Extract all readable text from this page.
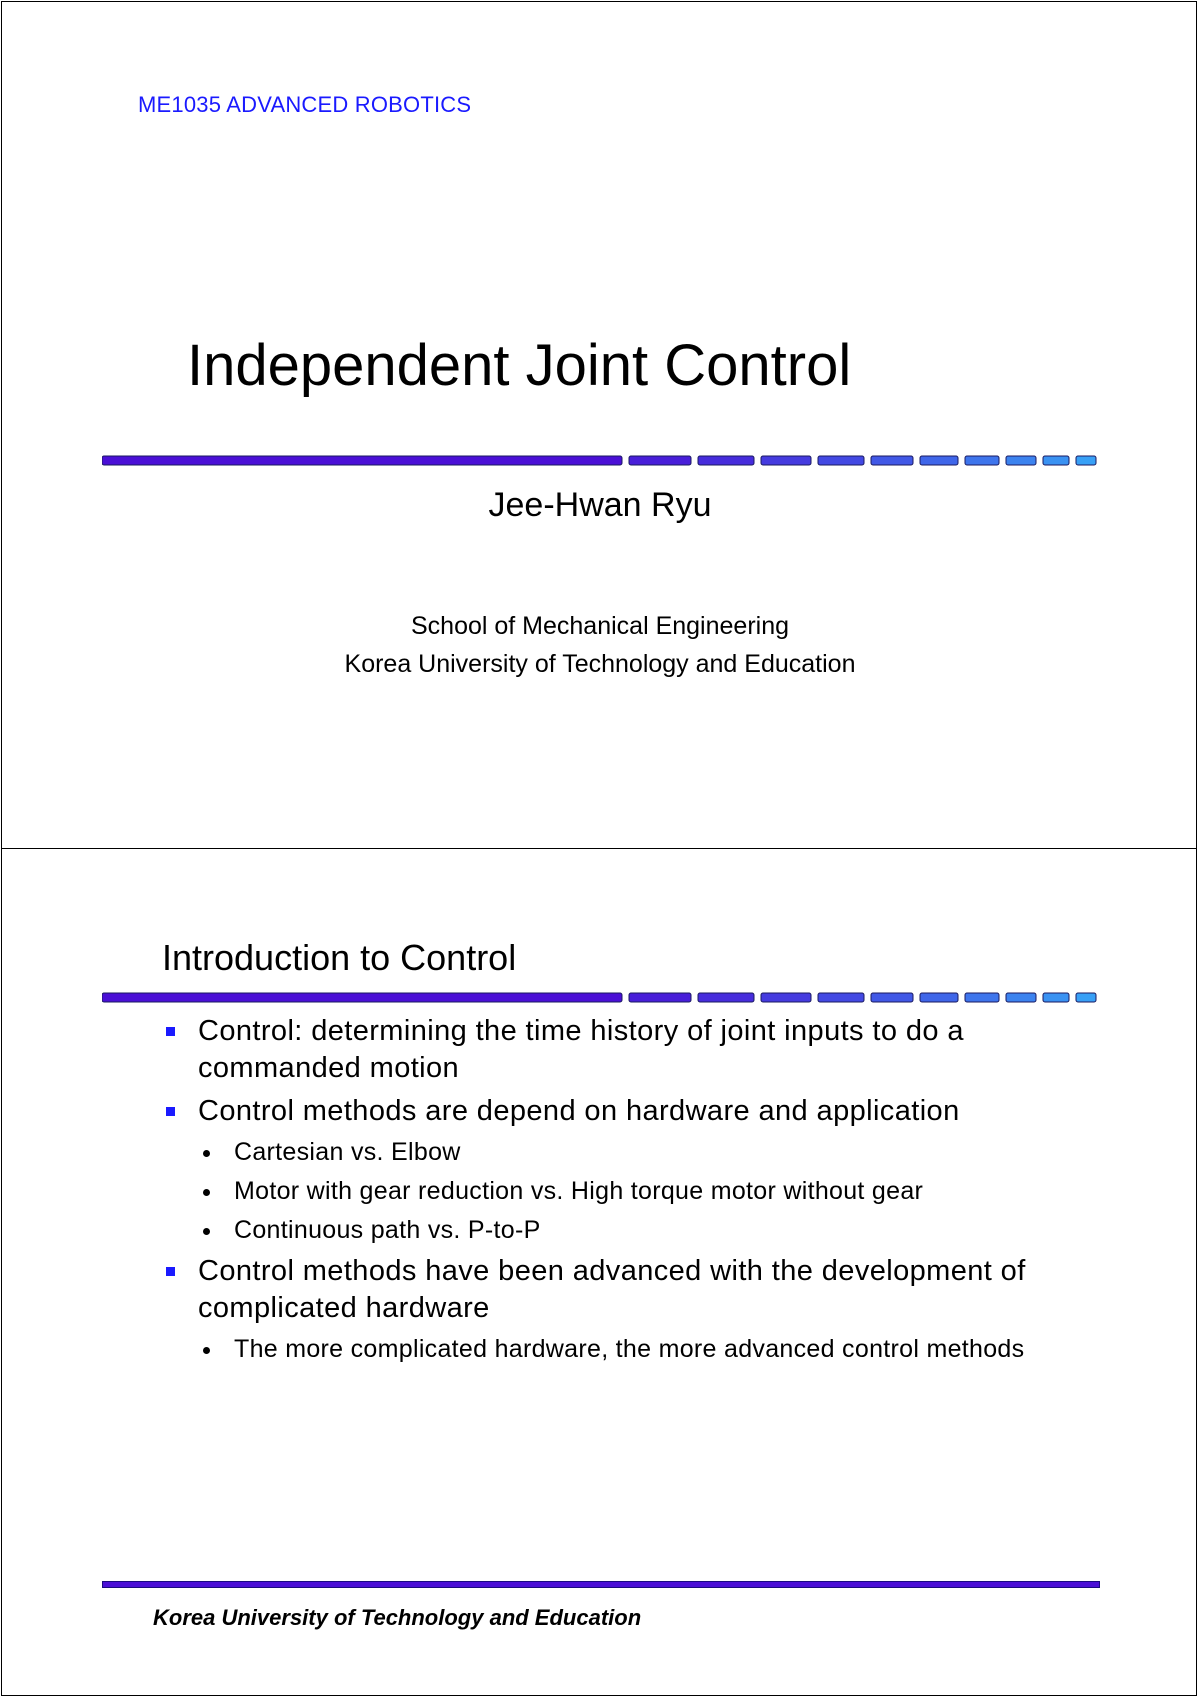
ME1035 ADVANCED ROBOTICS
Independent Joint Control
Jee-Hwan Ryu
School of Mechanical Engineering
Korea University of Technology and Education
Introduction to Control
Control: determining the time history of joint inputs to do a commanded motion
Control methods are depend on hardware and application
Cartesian vs. Elbow
Motor with gear reduction vs. High torque motor without gear
Continuous path vs. P-to-P
Control methods have been advanced with the development of complicated hardware
The more complicated hardware, the more advanced control methods
Korea University of Technology and Education
